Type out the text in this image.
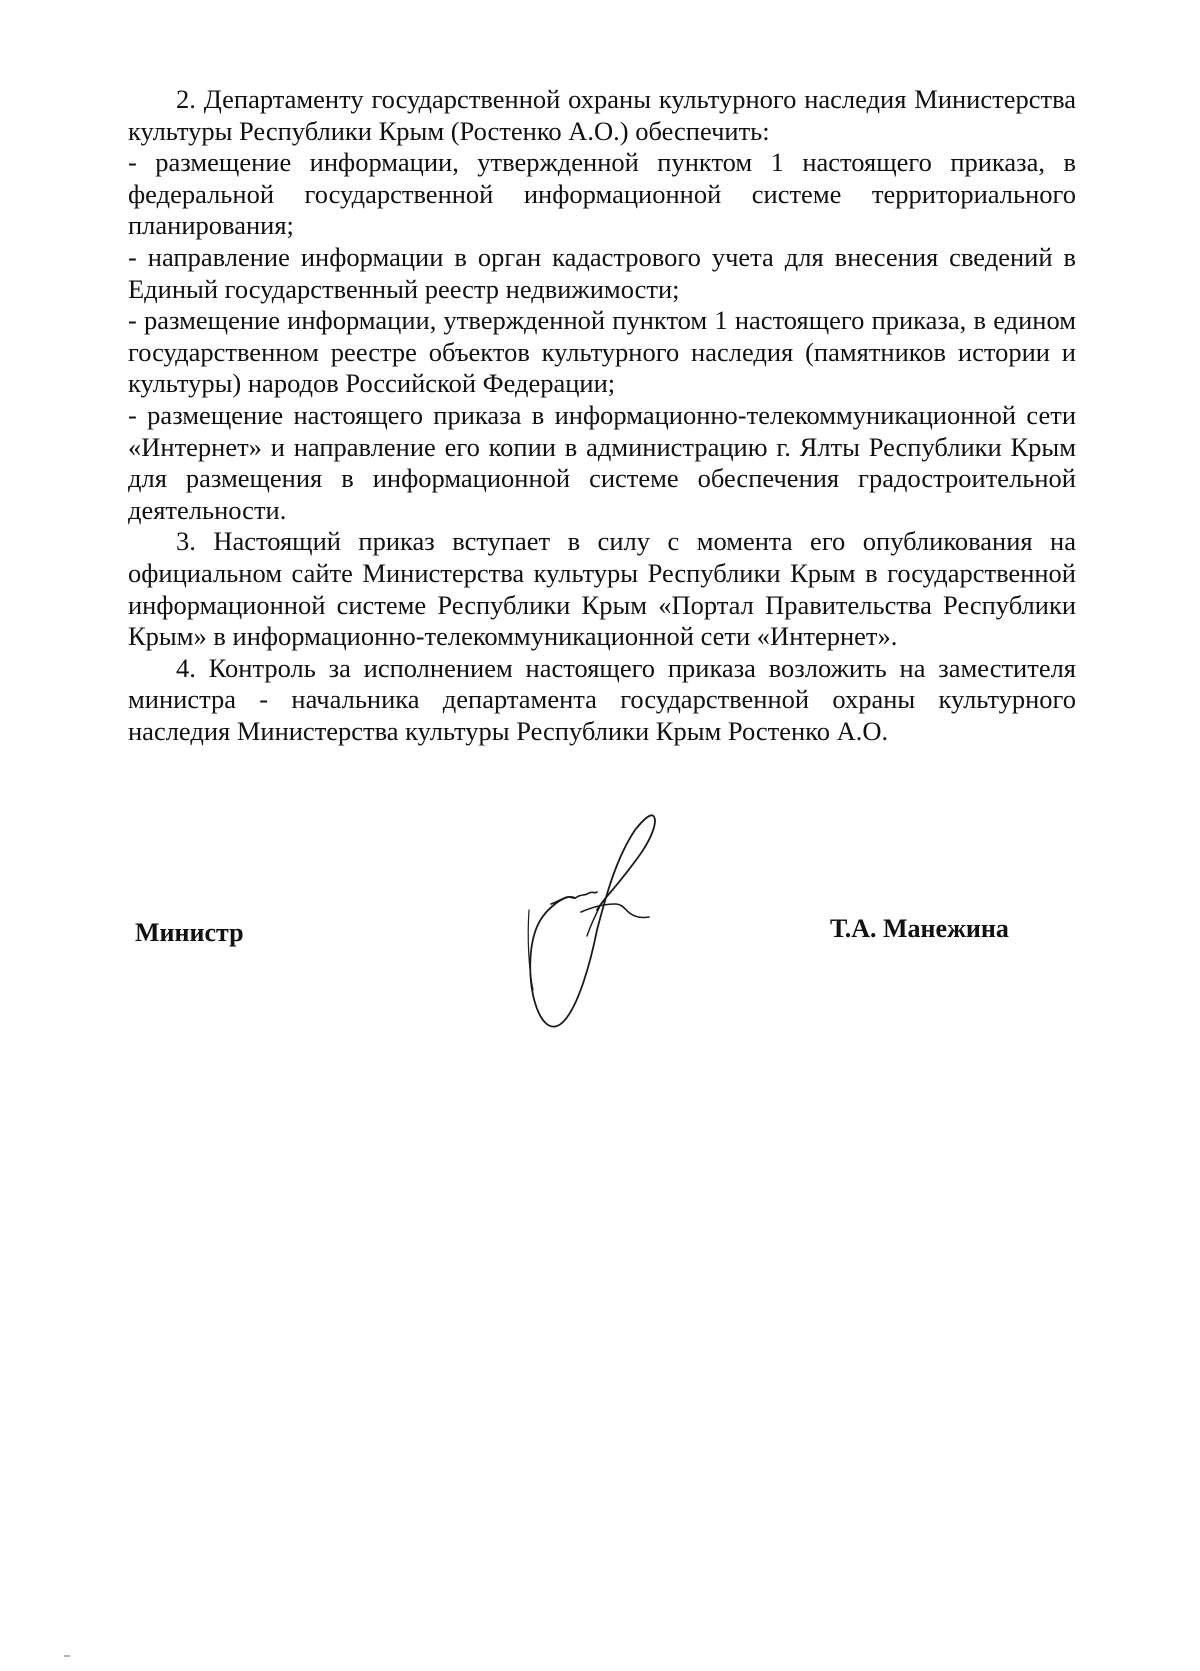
2. Департаменту государственной охраны культурного наследия Министерства культуры Республики Крым (Ростенко А.О.) обеспечить:

- размещение информации, утвержденной пунктом 1 настоящего приказа, в федеральной государственной информационной системе территориального планирования;

- направление информации в орган кадастрового учета для внесения сведений в Единый государственный реестр недвижимости;

- размещение информации, утвержденной пунктом 1 настоящего приказа, в едином государственном реестре объектов культурного наследия (памятников истории и культуры) народов Российской Федерации;

- размещение настоящего приказа в информационно-телекоммуникационной сети «Интернет» и направление его копии в администрацию г. Ялты Республики Крым для размещения в информационной системе обеспечения градостроительной деятельности.

3. Настоящий приказ вступает в силу с момента его опубликования на официальном сайте Министерства культуры Республики Крым в государственной информационной системе Республики Крым «Портал Правительства Республики Крым» в информационно-телекоммуникационной сети «Интернет».

4. Контроль за исполнением настоящего приказа возложить на заместителя министра - начальника департамента государственной охраны культурного наследия Министерства культуры Республики Крым Ростенко А.О.

Министр	Т.А. Манежина
